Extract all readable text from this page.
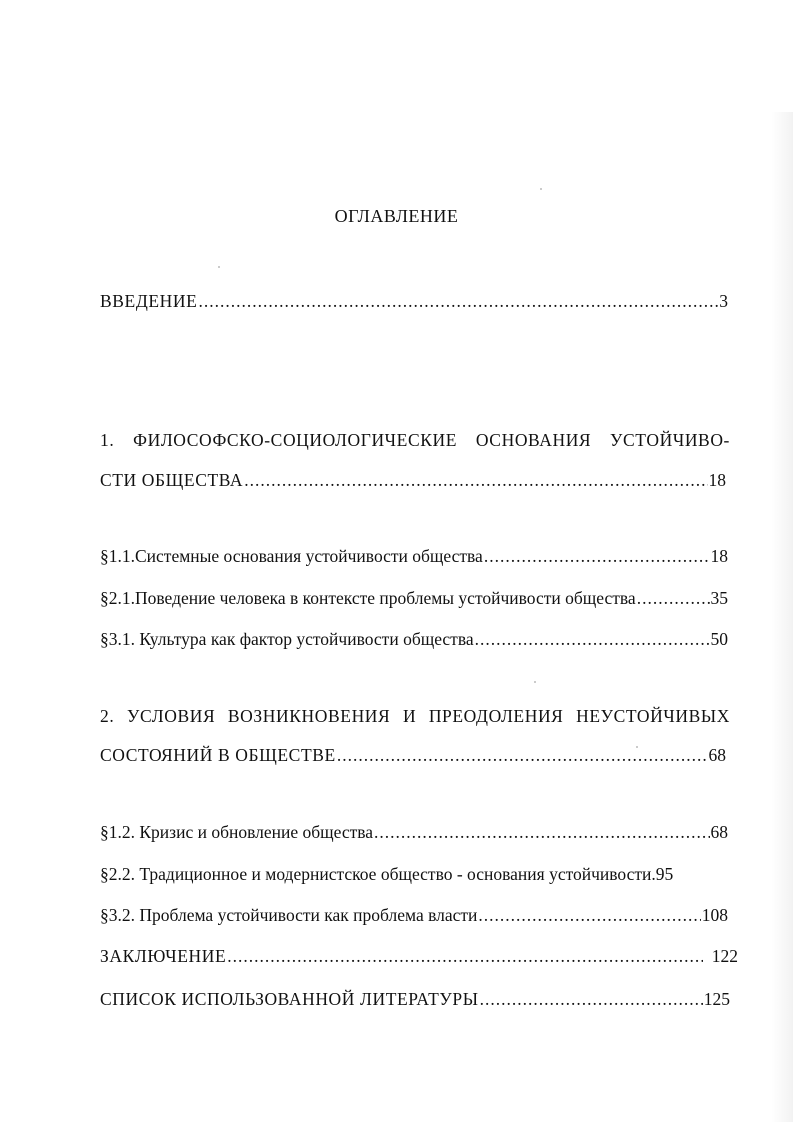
ОГЛАВЛЕНИЕ
ВВЕДЕНИЕ .....	3
1. ФИЛОСОФСКО-СОЦИОЛОГИЧЕСКИЕ ОСНОВАНИЯ УСТОЙЧИВО-
СТИ ОБЩЕСТВА .....	18
§1.1.Системные основания устойчивости общества .....	18
§2.1.Поведение человека в контексте проблемы устойчивости общества .....	35
§3.1. Культура как фактор устойчивости общества .....	50
2. УСЛОВИЯ ВОЗНИКНОВЕНИЯ И ПРЕОДОЛЕНИЯ НЕУСТОЙЧИВЫХ
СОСТОЯНИЙ В ОБЩЕСТВЕ .....	68
§1.2. Кризис и обновление общества .....	68
§2.2. Традиционное и модернистское общество - основания устойчивости. 95
§3.2. Проблема устойчивости как проблема власти .....	108
ЗАКЛЮЧЕНИЕ .....	122
СПИСОК ИСПОЛЬЗОВАННОЙ ЛИТЕРАТУРЫ .....	125
